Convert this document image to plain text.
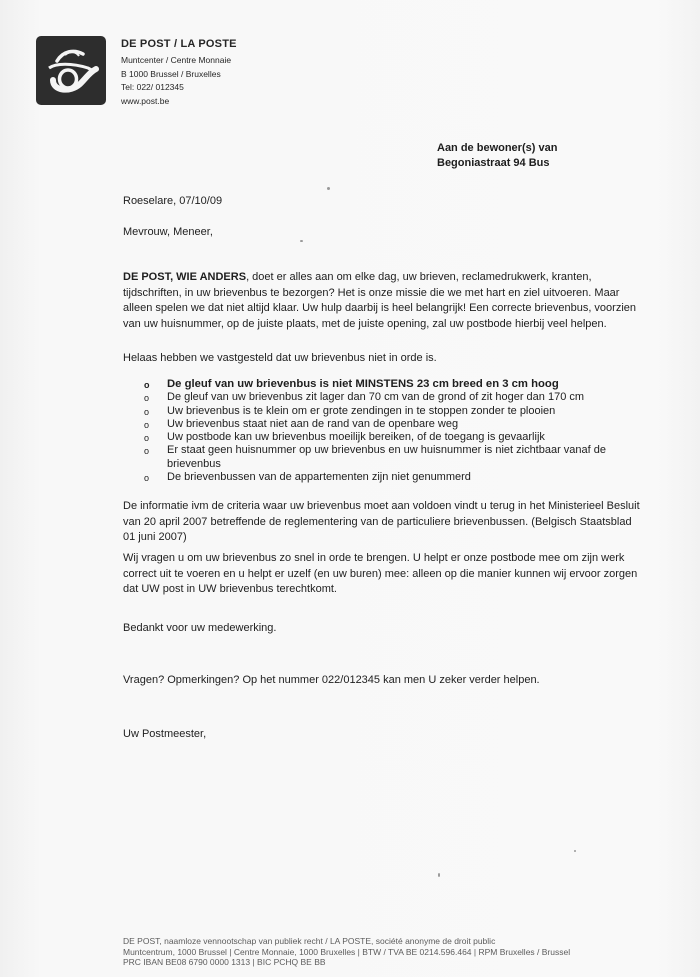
DE POST / LA POSTE
Muntcenter / Centre Monnaie
B 1000 Brussel / Bruxelles
Tel: 022/ 012345
www.post.be
Aan de bewoner(s) van
Begoniastraat 94 Bus
Roeselare, 07/10/09
Mevrouw, Meneer,
DE POST, WIE ANDERS, doet er alles aan om elke dag, uw brieven, reclamedrukwerk, kranten, tijdschriften, in uw brievenbus te bezorgen? Het is onze missie die we met hart en ziel uitvoeren. Maar alleen spelen we dat niet altijd klaar. Uw hulp daarbij is heel belangrijk! Een correcte brievenbus, voorzien van uw huisnummer, op de juiste plaats, met de juiste opening, zal uw postbode hierbij veel helpen.
Helaas hebben we vastgesteld dat uw brievenbus niet in orde is.
o De gleuf van uw brievenbus is niet MINSTENS 23 cm breed en 3 cm hoog
o De gleuf van uw brievenbus zit lager dan 70 cm van de grond of zit hoger dan 170 cm
o Uw brievenbus is te klein om er grote zendingen in te stoppen zonder te plooien
o Uw brievenbus staat niet aan de rand van de openbare weg
o Uw postbode kan uw brievenbus moeilijk bereiken, of de toegang is gevaarlijk
o Er staat geen huisnummer op uw brievenbus en uw huisnummer is niet zichtbaar vanaf de brievenbus
o De brievenbussen van de appartementen zijn niet genummerd
De informatie ivm de criteria waar uw brievenbus moet aan voldoen vindt u terug in het Ministerieel Besluit van 20 april 2007 betreffende de reglementering van de particuliere brievenbussen. (Belgisch Staatsblad 01 juni 2007)
Wij vragen u om uw brievenbus zo snel in orde te brengen. U helpt er onze postbode mee om zijn werk correct uit te voeren en u helpt er uzelf (en uw buren) mee: alleen op die manier kunnen wij ervoor zorgen dat UW post in UW brievenbus terechtkomt.
Bedankt voor uw medewerking.
Vragen? Opmerkingen? Op het nummer 022/012345 kan men U zeker verder helpen.
Uw Postmeester,
DE POST, naamloze vennootschap van publiek recht / LA POSTE, société anonyme de droit public
Muntcentrum, 1000 Brussel | Centre Monnaie, 1000 Bruxelles | BTW / TVA BE 0214.596.464 | RPM Bruxelles / Brussel
PRC IBAN BE08 6790 0000 1313 | BIC PCHQ BE BB
